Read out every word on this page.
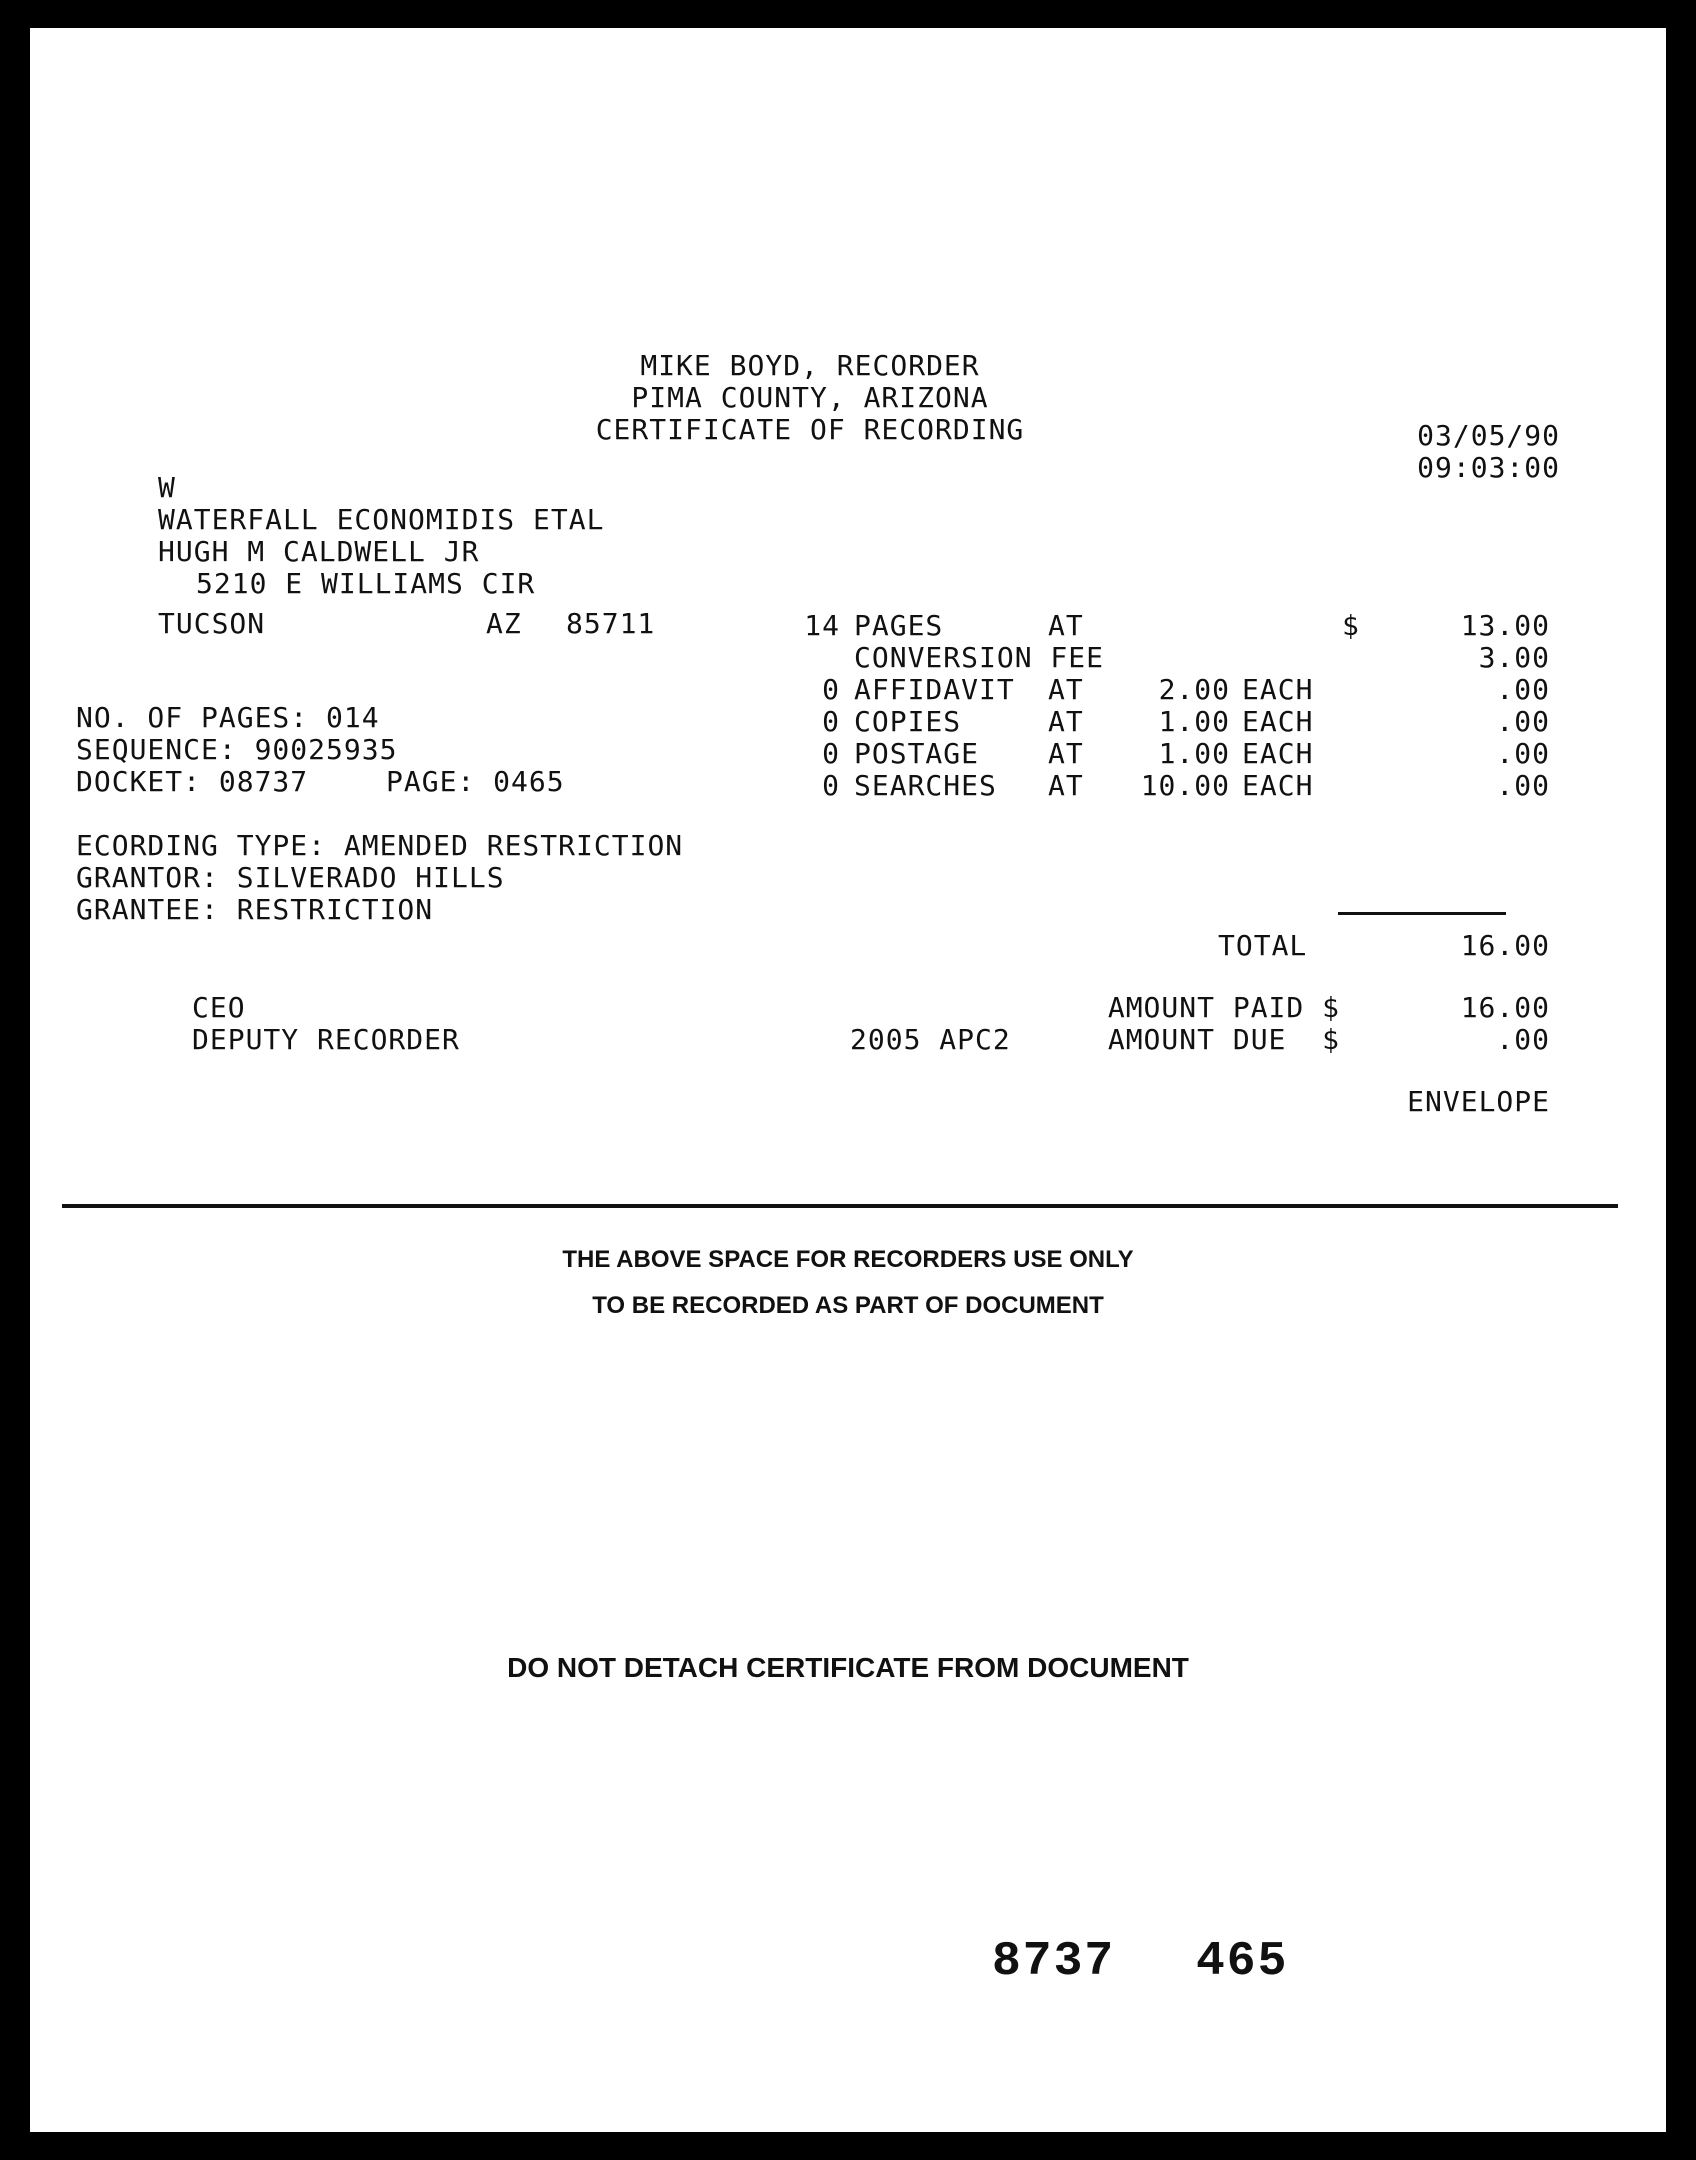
MIKE BOYD, RECORDER
PIMA COUNTY, ARIZONA
CERTIFICATE OF RECORDING	03/05/90
09:03:00
W
WATERFALL ECONOMIDIS ETAL
HUGH M CALDWELL JR
5210 E WILLIAMS CIR
TUCSON	AZ 85711
NO. OF PAGES: 014
SEQUENCE: 90025935
DOCKET: 08737	PAGE: 0465
ECORDING TYPE: AMENDED RESTRICTION
GRANTOR: SILVERADO HILLS
GRANTEE: RESTRICTION
14 PAGES	AT	$	13.00
CONVERSION FEE	3.00
0 AFFIDAVIT AT	2.00 EACH	.00
0 COPIES	AT	1.00 EACH	.00
0 POSTAGE AT	1.00 EACH	.00
0 SEARCHES AT	10.00 EACH	.00
TOTAL	16.00
AMOUNT PAID $	16.00
AMOUNT DUE  $	.00
ENVELOPE
CEO
DEPUTY RECORDER	2005 APC2
THE ABOVE SPACE FOR RECORDERS USE ONLY
TO BE RECORDED AS PART OF DOCUMENT
DO NOT DETACH CERTIFICATE FROM DOCUMENT
8737 465
